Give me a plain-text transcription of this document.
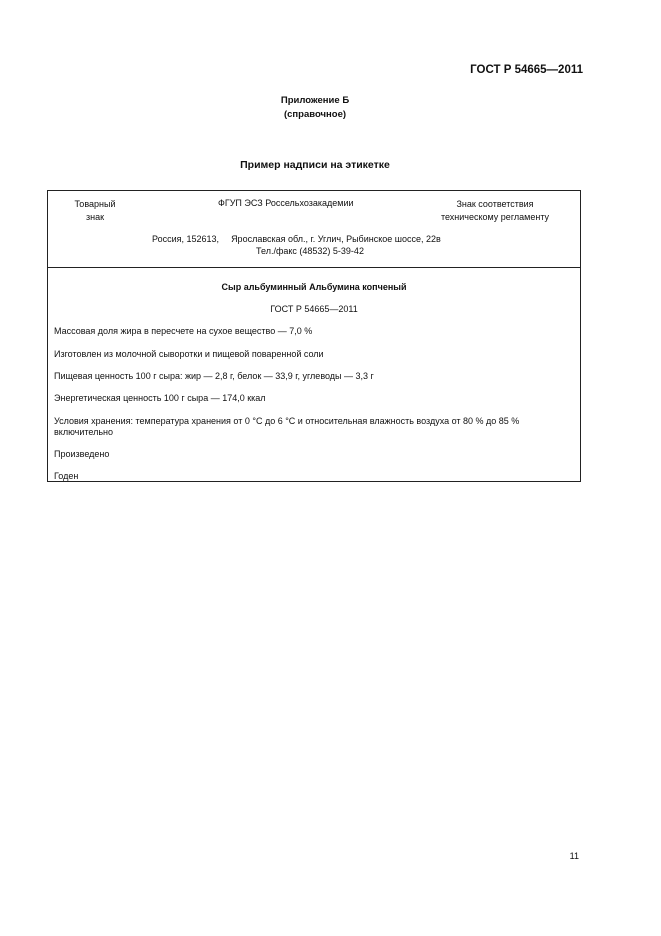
ГОСТ Р 54665—2011
Приложение Б
(справочное)
Пример надписи на этикетке
Товарный
знак
ФГУП ЭСЗ Россельхозакадемии	Знак соответствия
техническому регламенту
Россия, 152613, Ярославская обл., г. Углич, Рыбинское шоссе, 22в
Тел./факс (48532) 5-39-42
Сыр альбуминный Альбумина копченый
ГОСТ Р 54665—2011
Массовая доля жира в пересчете на сухое вещество — 7,0 %
Изготовлен из молочной сыворотки и пищевой поваренной соли
Пищевая ценность 100 г сыра: жир — 2,8 г, белок — 33,9 г, углеводы — 3,3 г
Энергетическая ценность 100 г сыра — 174,0 ккал
Условия хранения: температура хранения от 0 °С до 6 °С и относительная влажность воздуха от 80 % до 85 % включительно
Произведено
Годен
11
